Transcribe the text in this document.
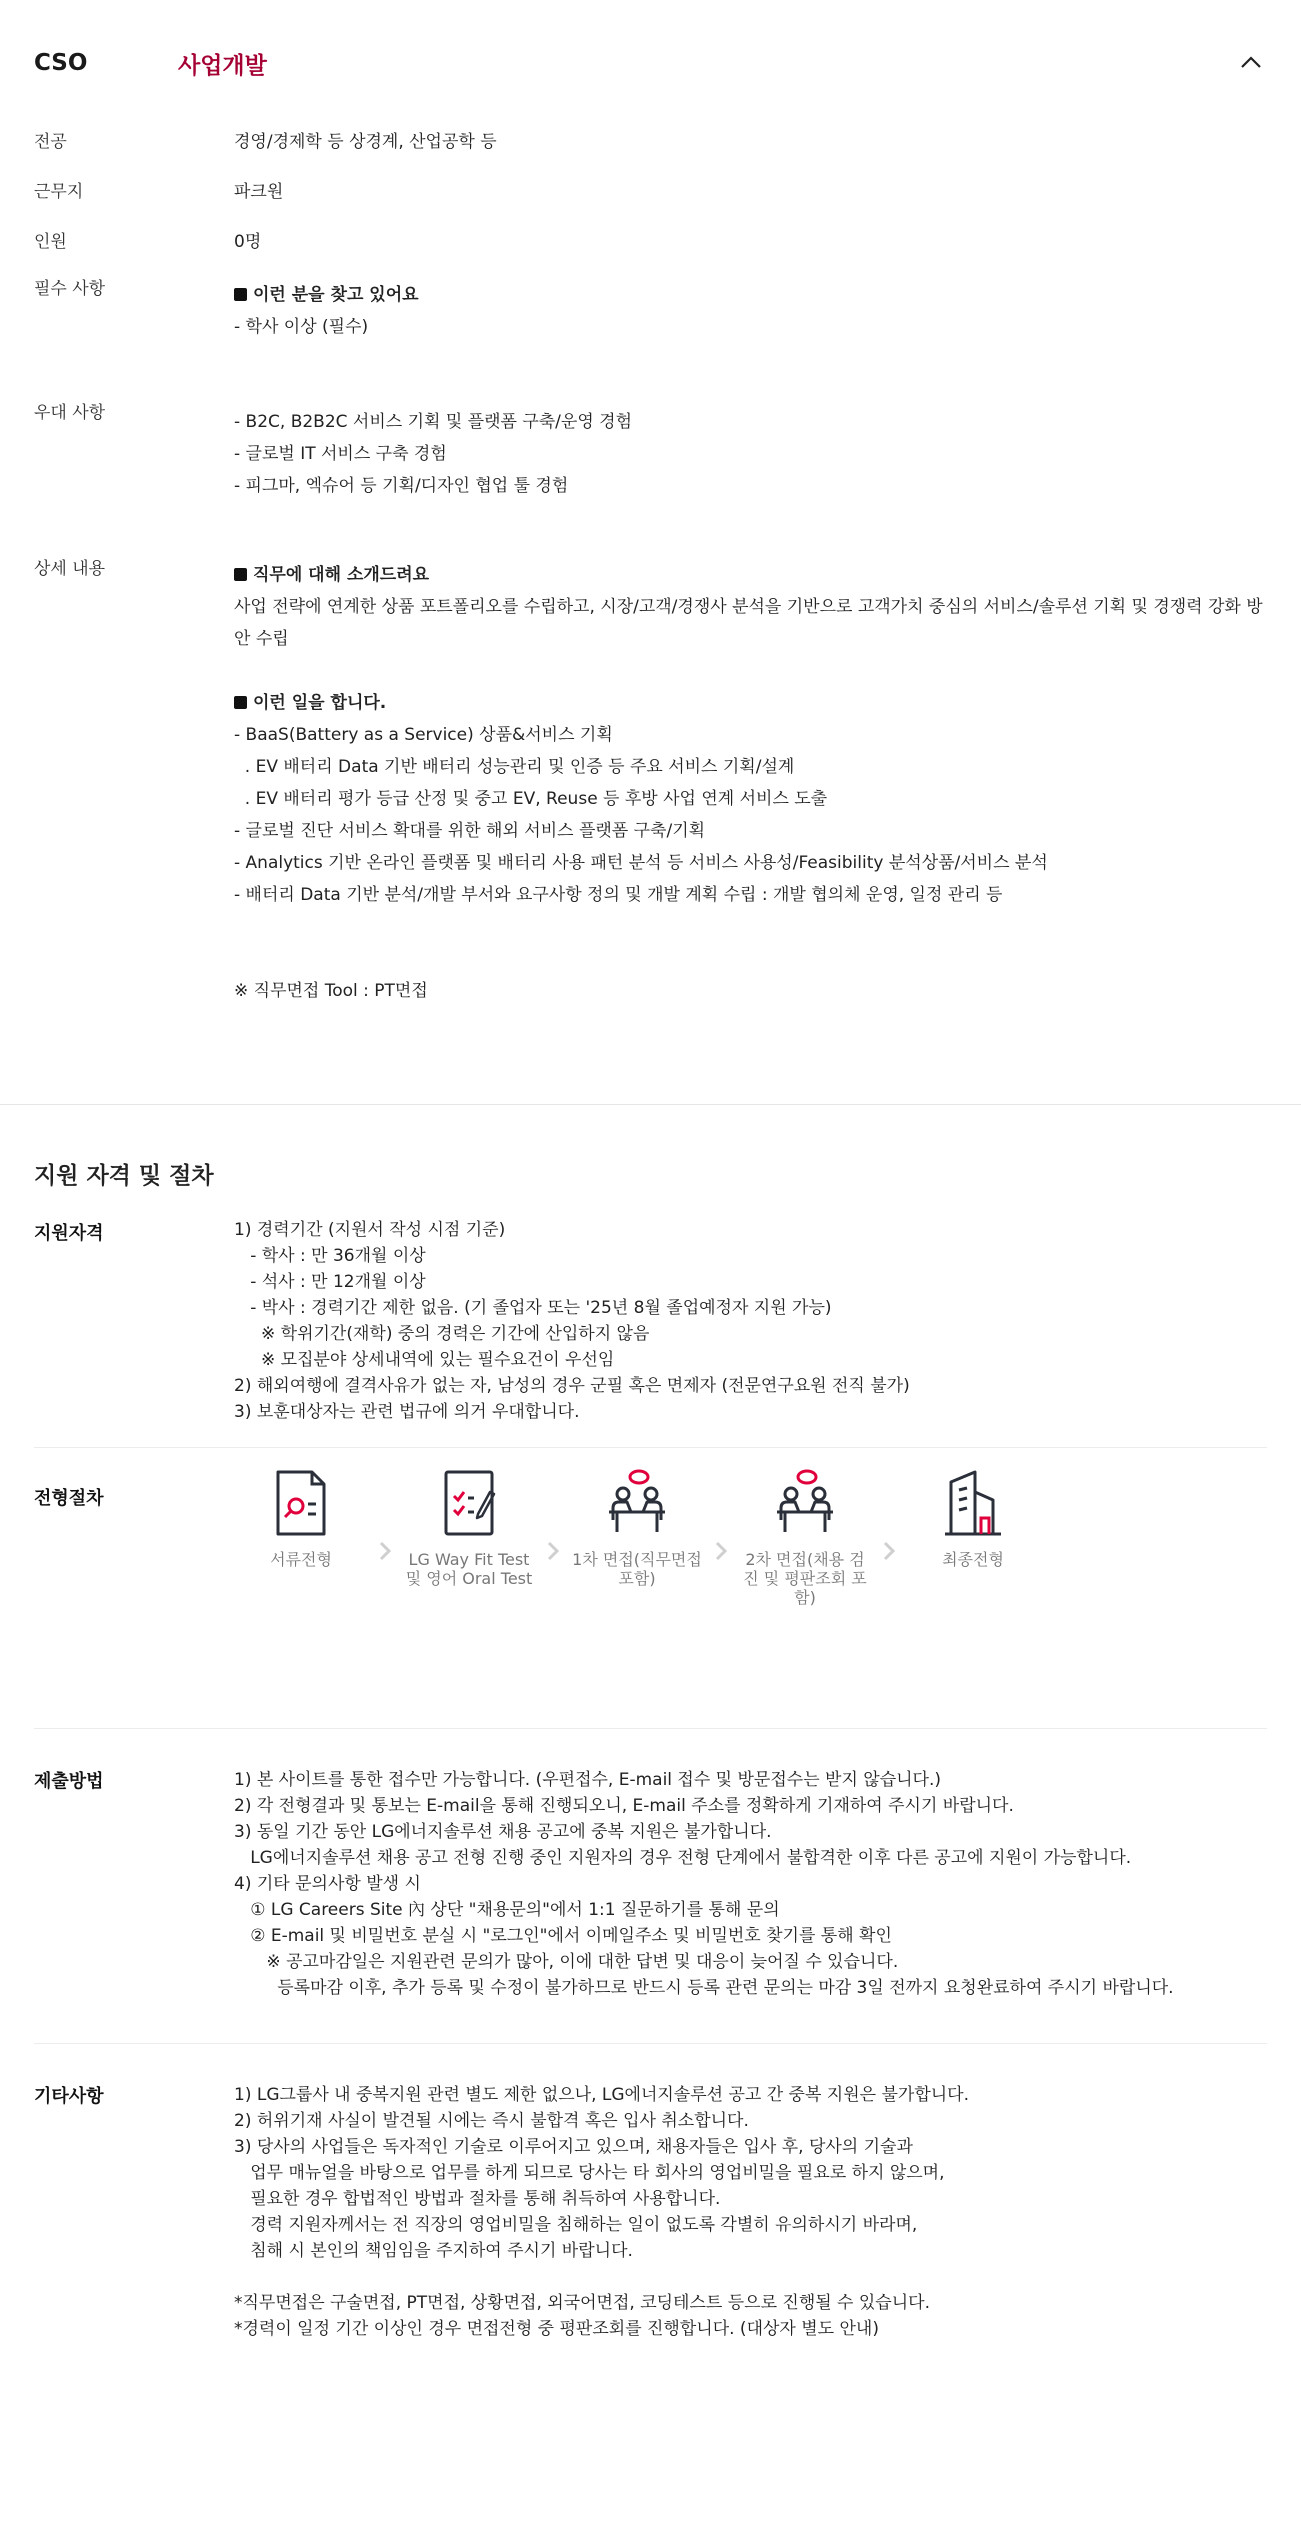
CSO	사업개발
전공	경영/경제학 등 상경계, 산업공학 등
근무지	파크원
인원	0명
필수 사항	이런 분을 찾고 있어요
- 학사 이상 (필수)
우대 사항	- B2C, B2B2C 서비스 기획 및 플랫폼 구축/운영 경험
- 글로벌 IT 서비스 구축 경험
- 피그마, 엑슈어 등 기획/디자인 협업 툴 경험
상세 내용	직무에 대해 소개드려요
사업 전략에 연계한 상품 포트폴리오를 수립하고, 시장/고객/경쟁사 분석을 기반으로 고객가치 중심의 서비스/솔루션 기획 및 경쟁력 강화 방안 수립
이런 일을 합니다.
- BaaS(Battery as a Service) 상품&서비스 기획
. EV 배터리 Data 기반 배터리 성능관리 및 인증 등 주요 서비스 기획/설계
. EV 배터리 평가 등급 산정 및 중고 EV, Reuse 등 후방 사업 연계 서비스 도출
- 글로벌 진단 서비스 확대를 위한 해외 서비스 플랫폼 구축/기획
- Analytics 기반 온라인 플랫폼 및 배터리 사용 패턴 분석 등 서비스 사용성/Feasibility 분석상품/서비스 분석
- 배터리 Data 기반 분석/개발 부서와 요구사항 정의 및 개발 계획 수립 : 개발 협의체 운영, 일정 관리 등
※ 직무면접 Tool : PT면접
지원 자격 및 절차
지원자격	1) 경력기간 (지원서 작성 시점 기준)
- 학사 : 만 36개월 이상
- 석사 : 만 12개월 이상
- 박사 : 경력기간 제한 없음. (기 졸업자 또는 '25년 8월 졸업예정자 지원 가능)
※ 학위기간(재학) 중의 경력은 기간에 산입하지 않음
※ 모집분야 상세내역에 있는 필수요건이 우선임
2) 해외여행에 결격사유가 없는 자, 남성의 경우 군필 혹은 면제자 (전문연구요원 전직 불가)
3) 보훈대상자는 관련 법규에 의거 우대합니다.
전형절차
서류전형	LG Way Fit Test 및 영어 Oral Test
1차 면접(직무면접 포함)
2차 면접(채용 검진 및 평판조회 포함)
최종전형
제출방법	1) 본 사이트를 통한 접수만 가능합니다. (우편접수, E-mail 접수 및 방문접수는 받지 않습니다.)
2) 각 전형결과 및 통보는 E-mail을 통해 진행되오니, E-mail 주소를 정확하게 기재하여 주시기 바랍니다.
3) 동일 기간 동안 LG에너지솔루션 채용 공고에 중복 지원은 불가합니다.
LG에너지솔루션 채용 공고 전형 진행 중인 지원자의 경우 전형 단계에서 불합격한 이후 다른 공고에 지원이 가능합니다.
4) 기타 문의사항 발생 시
① LG Careers Site 內 상단 "채용문의"에서 1:1 질문하기를 통해 문의
② E-mail 및 비밀번호 분실 시 "로그인"에서 이메일주소 및 비밀번호 찾기를 통해 확인
※ 공고마감일은 지원관련 문의가 많아, 이에 대한 답변 및 대응이 늦어질 수 있습니다.
등록마감 이후, 추가 등록 및 수정이 불가하므로 반드시 등록 관련 문의는 마감 3일 전까지 요청완료하여 주시기 바랍니다.
기타사항	1) LG그룹사 내 중복지원 관련 별도 제한 없으나, LG에너지솔루션 공고 간 중복 지원은 불가합니다.
2) 허위기재 사실이 발견될 시에는 즉시 불합격 혹은 입사 취소합니다.
3) 당사의 사업들은 독자적인 기술로 이루어지고 있으며, 채용자들은 입사 후, 당사의 기술과
업무 매뉴얼을 바탕으로 업무를 하게 되므로 당사는 타 회사의 영업비밀을 필요로 하지 않으며,
필요한 경우 합법적인 방법과 절차를 통해 취득하여 사용합니다.
경력 지원자께서는 전 직장의 영업비밀을 침해하는 일이 없도록 각별히 유의하시기 바라며,
침해 시 본인의 책임임을 주지하여 주시기 바랍니다.
*직무면접은 구술면접, PT면접, 상황면접, 외국어면접, 코딩테스트 등으로 진행될 수 있습니다.
*경력이 일정 기간 이상인 경우 면접전형 중 평판조회를 진행합니다. (대상자 별도 안내)
